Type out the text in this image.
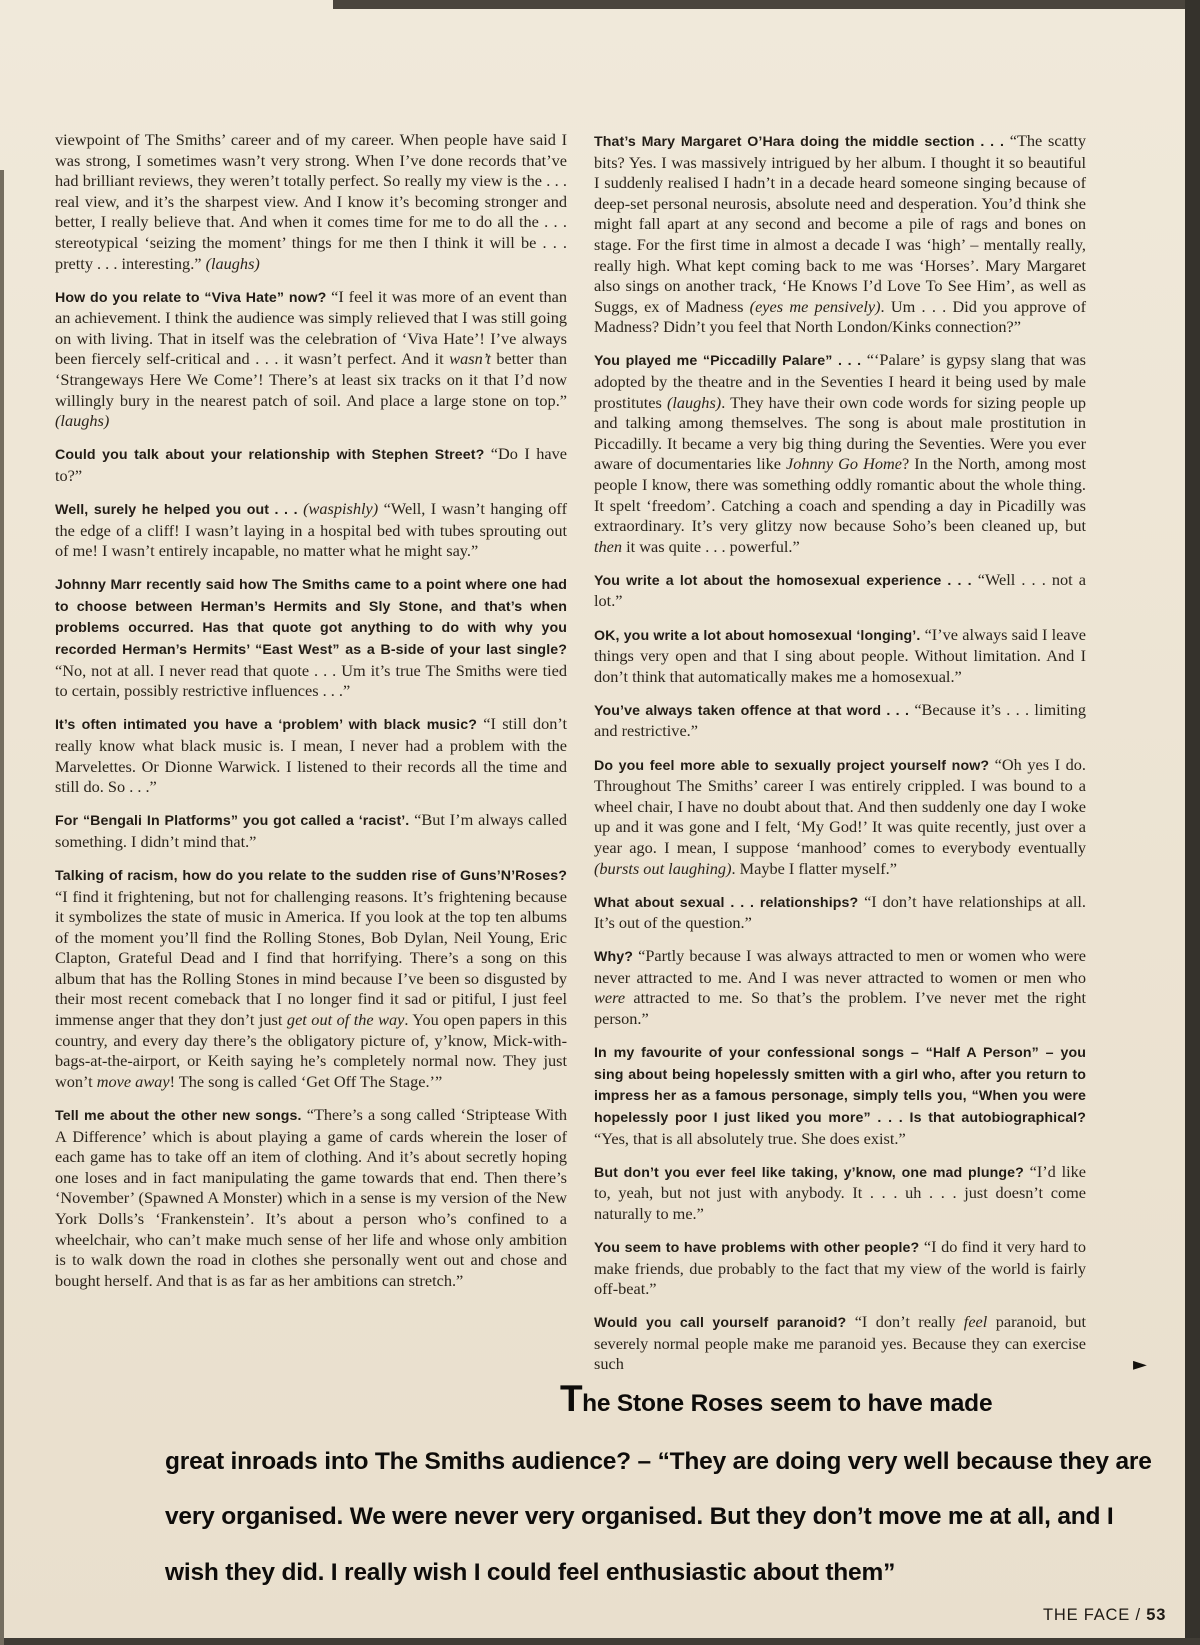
viewpoint of The Smiths’ career and of my career. When people have said I was strong, I sometimes wasn’t very strong. When I’ve done records that’ve had brilliant reviews, they weren’t totally perfect. So really my view is the . . . real view, and it’s the sharpest view. And I know it’s becoming stronger and better, I really believe that. And when it comes time for me to do all the . . . stereotypical ‘seizing the moment’ things for me then I think it will be . . . pretty . . . interesting.” (laughs)

How do you relate to “Viva Hate” now? “I feel it was more of an event than an achievement. I think the audience was simply relieved that I was still going on with living. That in itself was the celebration of ‘Viva Hate’! I’ve always been fiercely self-critical and . . . it wasn’t perfect. And it wasn’t better than ‘Strangeways Here We Come’! There’s at least six tracks on it that I’d now willingly bury in the nearest patch of soil. And place a large stone on top.” (laughs)

Could you talk about your relationship with Stephen Street? “Do I have to?”

Well, surely he helped you out . . . (waspishly) “Well, I wasn’t hanging off the edge of a cliff! I wasn’t laying in a hospital bed with tubes sprouting out of me! I wasn’t entirely incapable, no matter what he might say.”

Johnny Marr recently said how The Smiths came to a point where one had to choose between Herman’s Hermits and Sly Stone, and that’s when problems occurred. Has that quote got anything to do with why you recorded Herman’s Hermits’ “East West” as a B-side of your last single? “No, not at all. I never read that quote . . . Um it’s true The Smiths were tied to certain, possibly restrictive influences . . .”

It’s often intimated you have a ‘problem’ with black music? “I still don’t really know what black music is. I mean, I never had a problem with the Marvelettes. Or Dionne Warwick. I listened to their records all the time and still do. So . . .”

For “Bengali In Platforms” you got called a ‘racist’. “But I’m always called something. I didn’t mind that.”

Talking of racism, how do you relate to the sudden rise of Guns’N’Roses? “I find it frightening, but not for challenging reasons. It’s frightening because it symbolizes the state of music in America. If you look at the top ten albums of the moment you’ll find the Rolling Stones, Bob Dylan, Neil Young, Eric Clapton, Grateful Dead and I find that horrifying. There’s a song on this album that has the Rolling Stones in mind because I’ve been so disgusted by their most recent comeback that I no longer find it sad or pitiful, I just feel immense anger that they don’t just get out of the way. You open papers in this country, and every day there’s the obligatory picture of, y’know, Mick-with-bags-at-the-airport, or Keith saying he’s completely normal now. They just won’t move away! The song is called ‘Get Off The Stage.’”

Tell me about the other new songs. “There’s a song called ‘Striptease With A Difference’ which is about playing a game of cards wherein the loser of each game has to take off an item of clothing. And it’s about secretly hoping one loses and in fact manipulating the game towards that end. Then there’s ‘November’ (Spawned A Monster) which in a sense is my version of the New York Dolls’s ‘Frankenstein’. It’s about a person who’s confined to a wheelchair, who can’t make much sense of her life and whose only ambition is to walk down the road in clothes she personally went out and chose and bought herself. And that is as far as her ambitions can stretch.”

That’s Mary Margaret O’Hara doing the middle section . . . “The scatty bits? Yes. I was massively intrigued by her album. I thought it so beautiful I suddenly realised I hadn’t in a decade heard someone singing because of deep-set personal neurosis, absolute need and desperation. You’d think she might fall apart at any second and become a pile of rags and bones on stage. For the first time in almost a decade I was ‘high’ – mentally really, really high. What kept coming back to me was ‘Horses’. Mary Margaret also sings on another track, ‘He Knows I’d Love To See Him’, as well as Suggs, ex of Madness (eyes me pensively). Um . . . Did you approve of Madness? Didn’t you feel that North London/Kinks connection?”

You played me “Piccadilly Palare” . . . “‘Palare’ is gypsy slang that was adopted by the theatre and in the Seventies I heard it being used by male prostitutes (laughs). They have their own code words for sizing people up and talking among themselves. The song is about male prostitution in Piccadilly. It became a very big thing during the Seventies. Were you ever aware of documentaries like Johnny Go Home? In the North, among most people I know, there was something oddly romantic about the whole thing. It spelt ‘freedom’. Catching a coach and spending a day in Picadilly was extraordinary. It’s very glitzy now because Soho’s been cleaned up, but then it was quite . . . powerful.”

You write a lot about the homosexual experience . . . “Well . . . not a lot.”

OK, you write a lot about homosexual ‘longing’. “I’ve always said I leave things very open and that I sing about people. Without limitation. And I don’t think that automatically makes me a homosexual.”

You’ve always taken offence at that word . . . “Because it’s . . . limiting and restrictive.”

Do you feel more able to sexually project yourself now? “Oh yes I do. Throughout The Smiths’ career I was entirely crippled. I was bound to a wheel chair, I have no doubt about that. And then suddenly one day I woke up and it was gone and I felt, ‘My God!’ It was quite recently, just over a year ago. I mean, I suppose ‘manhood’ comes to everybody eventually (bursts out laughing). Maybe I flatter myself.”

What about sexual . . . relationships? “I don’t have relationships at all. It’s out of the question.”

Why? “Partly because I was always attracted to men or women who were never attracted to me. And I was never attracted to women or men who were attracted to me. So that’s the problem. I’ve never met the right person.”

In my favourite of your confessional songs – “Half A Person” – you sing about being hopelessly smitten with a girl who, after you return to impress her as a famous personage, simply tells you, “When you were hopelessly poor I just liked you more” . . . Is that autobiographical? “Yes, that is all absolutely true. She does exist.”

But don’t you ever feel like taking, y’know, one mad plunge? “I’d like to, yeah, but not just with anybody. It . . . uh . . . just doesn’t come naturally to me.”

You seem to have problems with other people? “I do find it very hard to make friends, due probably to the fact that my view of the world is fairly off-beat.”

Would you call yourself paranoid? “I don’t really feel paranoid, but severely normal people make me paranoid yes. Because they can exercise such	►
The Stone Roses seem to have made
great inroads into The Smiths audience? – “They are doing very well because they are
very organised. We were never very organised. But they don’t move me at all, and I
wish they did. I really wish I could feel enthusiastic about them”
THE FACE / 53
